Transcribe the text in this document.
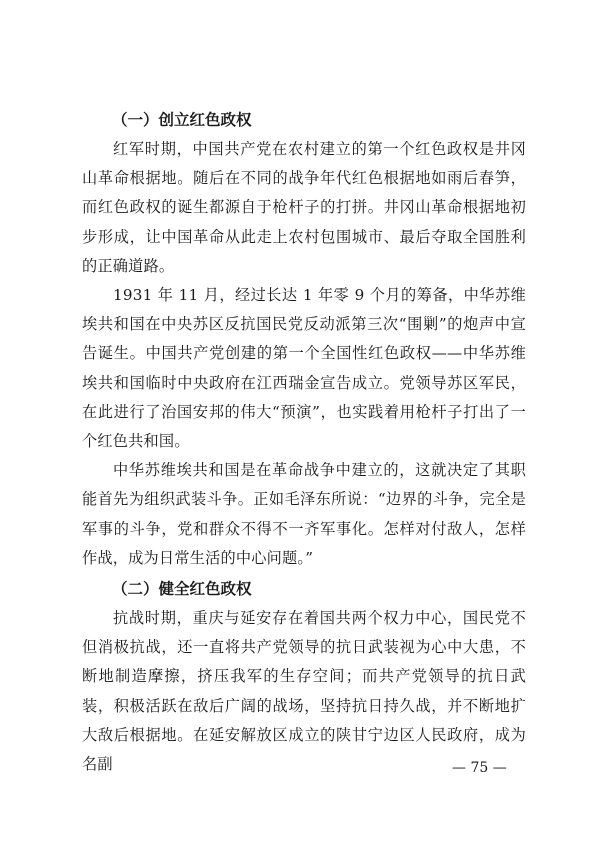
（一）创立红色政权

红军时期，中国共产党在农村建立的第一个红色政权是井冈山革命根据地。随后在不同的战争年代红色根据地如雨后春笋，而红色政权的诞生都源自于枪杆子的打拼。井冈山革命根据地初步形成，让中国革命从此走上农村包围城市、最后夺取全国胜利的正确道路。

1931 年 11 月，经过长达 1 年零 9 个月的筹备，中华苏维埃共和国在中央苏区反抗国民党反动派第三次“围剿”的炮声中宣告诞生。中国共产党创建的第一个全国性红色政权——中华苏维埃共和国临时中央政府在江西瑞金宣告成立。党领导苏区军民，在此进行了治国安邦的伟大“预演”，也实践着用枪杆子打出了一个红色共和国。

中华苏维埃共和国是在革命战争中建立的，这就决定了其职能首先为组织武装斗争。正如毛泽东所说：“边界的斗争，完全是军事的斗争，党和群众不得不一齐军事化。怎样对付敌人，怎样作战，成为日常生活的中心问题。”

（二）健全红色政权

抗战时期，重庆与延安存在着国共两个权力中心，国民党不但消极抗战，还一直将共产党领导的抗日武装视为心中大患，不断地制造摩擦，挤压我军的生存空间；而共产党领导的抗日武装，积极活跃在敌后广阔的战场，坚持抗日持久战，并不断地扩大敌后根据地。在延安解放区成立的陕甘宁边区人民政府，成为名副	— 75 —
